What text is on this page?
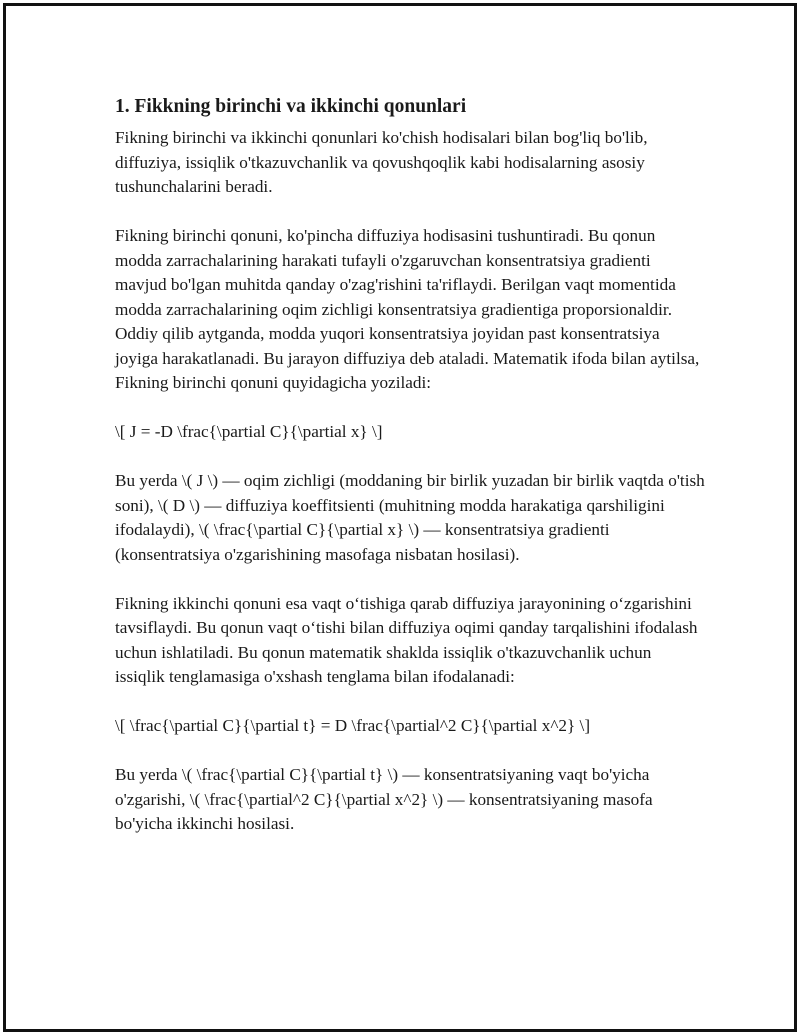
1. Fikkning birinchi va ikkinchi qonunlari

Fikning birinchi va ikkinchi qonunlari ko'chish hodisalari bilan bog'liq bo'lib, diffuziya, issiqlik o'tkazuvchanlik va qovushqoqlik kabi hodisalarning asosiy tushunchalarini beradi.

Fikning birinchi qonuni, ko'pincha diffuziya hodisasini tushuntiradi. Bu qonun modda zarrachalarining harakati tufayli o'zgaruvchan konsentratsiya gradienti mavjud bo'lgan muhitda qanday o'zag'rishini ta'riflaydi. Berilgan vaqt momentida modda zarrachalarining oqim zichligi konsentratsiya gradientiga proporsionaldir. Oddiy qilib aytganda, modda yuqori konsentratsiya joyidan past konsentratsiya joyiga harakatlanadi. Bu jarayon diffuziya deb ataladi. Matematik ifoda bilan aytilsa, Fikning birinchi qonuni quyidagicha yoziladi:

\[ J = -D \frac{\partial C}{\partial x} \]

Bu yerda \( J \) — oqim zichligi (moddaning bir birlik yuzadan bir birlik vaqtda o'tish soni), \( D \) — diffuziya koeffitsienti (muhitning modda harakatiga qarshiligini ifodalaydi), \( \frac{\partial C}{\partial x} \) — konsentratsiya gradienti (konsentratsiya o'zgarishining masofaga nisbatan hosilasi).

Fikning ikkinchi qonuni esa vaqt o‘tishiga qarab diffuziya jarayonining o‘zgarishini tavsiflaydi. Bu qonun vaqt o‘tishi bilan diffuziya oqimi qanday tarqalishini ifodalash uchun ishlatiladi. Bu qonun matematik shaklda issiqlik o'tkazuvchanlik uchun issiqlik tenglamasiga o'xshash tenglama bilan ifodalanadi:

\[ \frac{\partial C}{\partial t} = D \frac{\partial^2 C}{\partial x^2} \]

Bu yerda \( \frac{\partial C}{\partial t} \) — konsentratsiyaning vaqt bo'yicha o'zgarishi, \( \frac{\partial^2 C}{\partial x^2} \) — konsentratsiyaning masofa bo'yicha ikkinchi hosilasi.
